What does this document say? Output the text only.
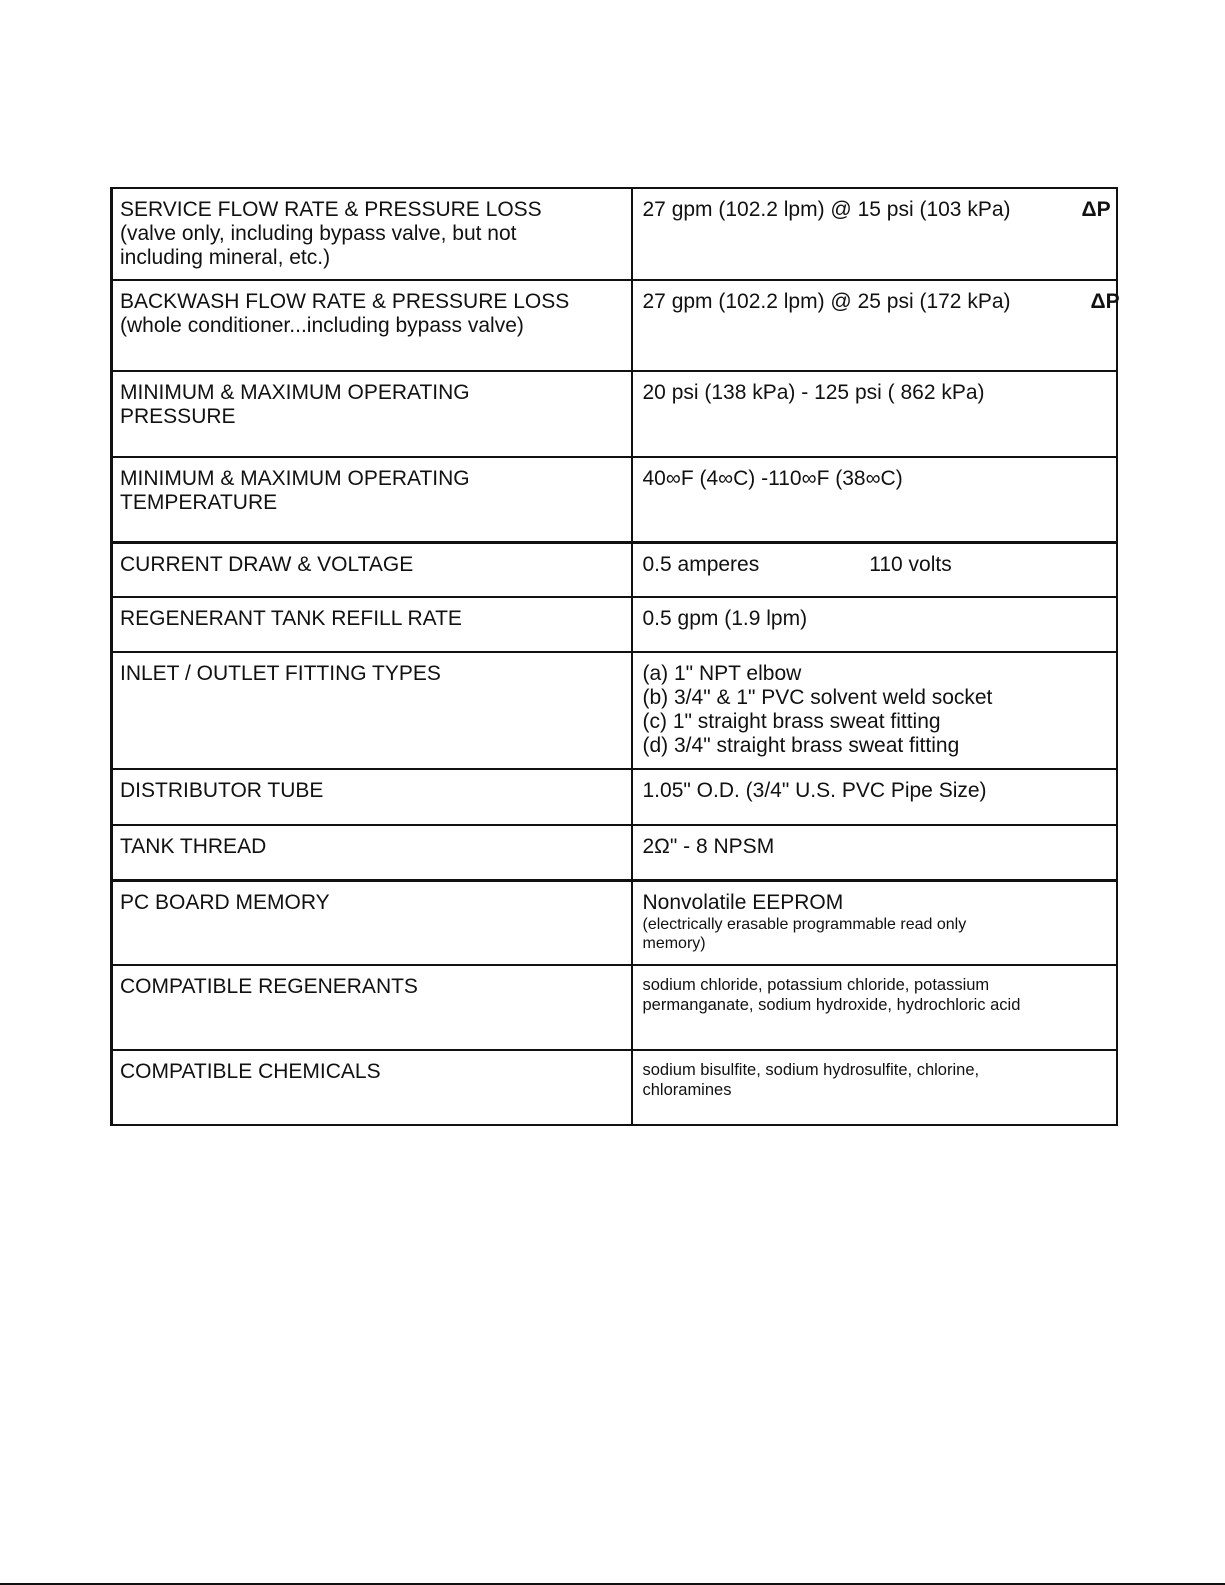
SERVICE FLOW RATE & PRESSURE LOSS
(valve only, including bypass valve, but not
including mineral, etc.)	27 gpm (102.2 lpm) @ 15 psi (103 kPa) ΔP

BACKWASH FLOW RATE & PRESSURE LOSS
(whole conditioner...including bypass valve)	27 gpm (102.2 lpm) @ 25 psi (172 kPa) ΔP

MINIMUM & MAXIMUM OPERATING
PRESSURE	20 psi (138 kPa) - 125 psi ( 862 kPa)

MINIMUM & MAXIMUM OPERATING
TEMPERATURE	40∞F (4∞C) -110∞F (38∞C)

CURRENT DRAW & VOLTAGE	0.5 amperes 110 volts

REGENERANT TANK REFILL RATE	0.5 gpm (1.9 lpm)

INLET / OUTLET FITTING TYPES	(a) 1" NPT elbow
(b) 3/4" & 1" PVC solvent weld socket
(c) 1" straight brass sweat fitting
(d) 3/4" straight brass sweat fitting

DISTRIBUTOR TUBE	1.05" O.D. (3/4" U.S. PVC Pipe Size)

TANK THREAD	2Ω" - 8 NPSM

PC BOARD MEMORY	Nonvolatile EEPROM
(electrically erasable programmable read only
memory)

COMPATIBLE REGENERANTS	sodium chloride, potassium chloride, potassium
permanganate, sodium hydroxide, hydrochloric acid

COMPATIBLE CHEMICALS	sodium bisulfite, sodium hydrosulfite, chlorine,
chloramines
